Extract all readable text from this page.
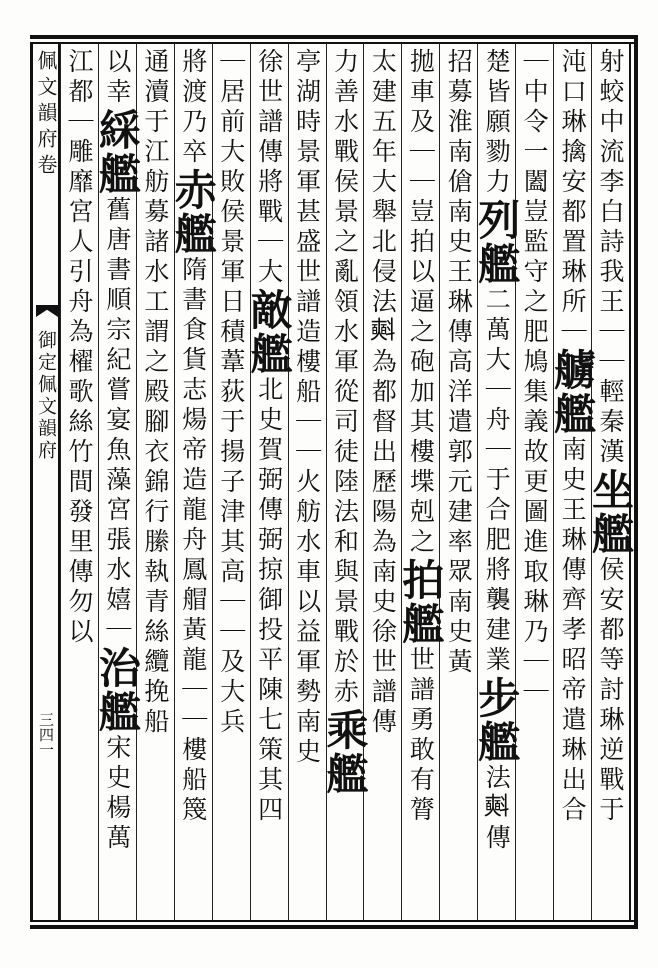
佩文韻府卷
御定佩文韻府
三四一
射蛟中流李白詩我王｜｜輕秦漢坐艦侯安都等討琳逆戰于
沌口琳擒安都置琳所｜艣艦南史王琳傳齊孝昭帝遣琳出合
｜中令一闔豈監守之肥鳩集義故更圖進取琳乃｜｜
楚皆願勠力列艦二萬大｜舟｜于合肥將襲建業步艦法𣂏傳
招募淮南傖南史王琳傳高洋遣郭元建率眾南史黃
拋車及｜｜豈拍以逼之砲加其樓堞剋之拍艦世譜勇敢有膂
太建五年大舉北侵法𣂏為都督出歷陽為南史徐世譜傳
力善水戰侯景之亂領水軍從司徒陸法和與景戰於赤乘艦
亭湖時景軍甚盛世譜造樓船｜｜火舫水車以益軍勢南史
徐世譜傳將戰｜大敵艦北史賀弼傳弼掠御投平陳七策其四
｜居前大敗侯景軍日積葦荻于揚子津其高｜｜及大兵
將渡乃卒赤艦隋書食貨志煬帝造龍舟鳳艒黃龍｜｜樓船篾
通瀆于江舫募諸水工謂之殿腳衣錦行縢執青絲纜挽船
以幸綵艦舊唐書順宗紀嘗宴魚藻宮張水嬉｜治艦宋史楊萬
江都｜雕靡宮人引舟為櫂歌絲竹間發里傳勿以
